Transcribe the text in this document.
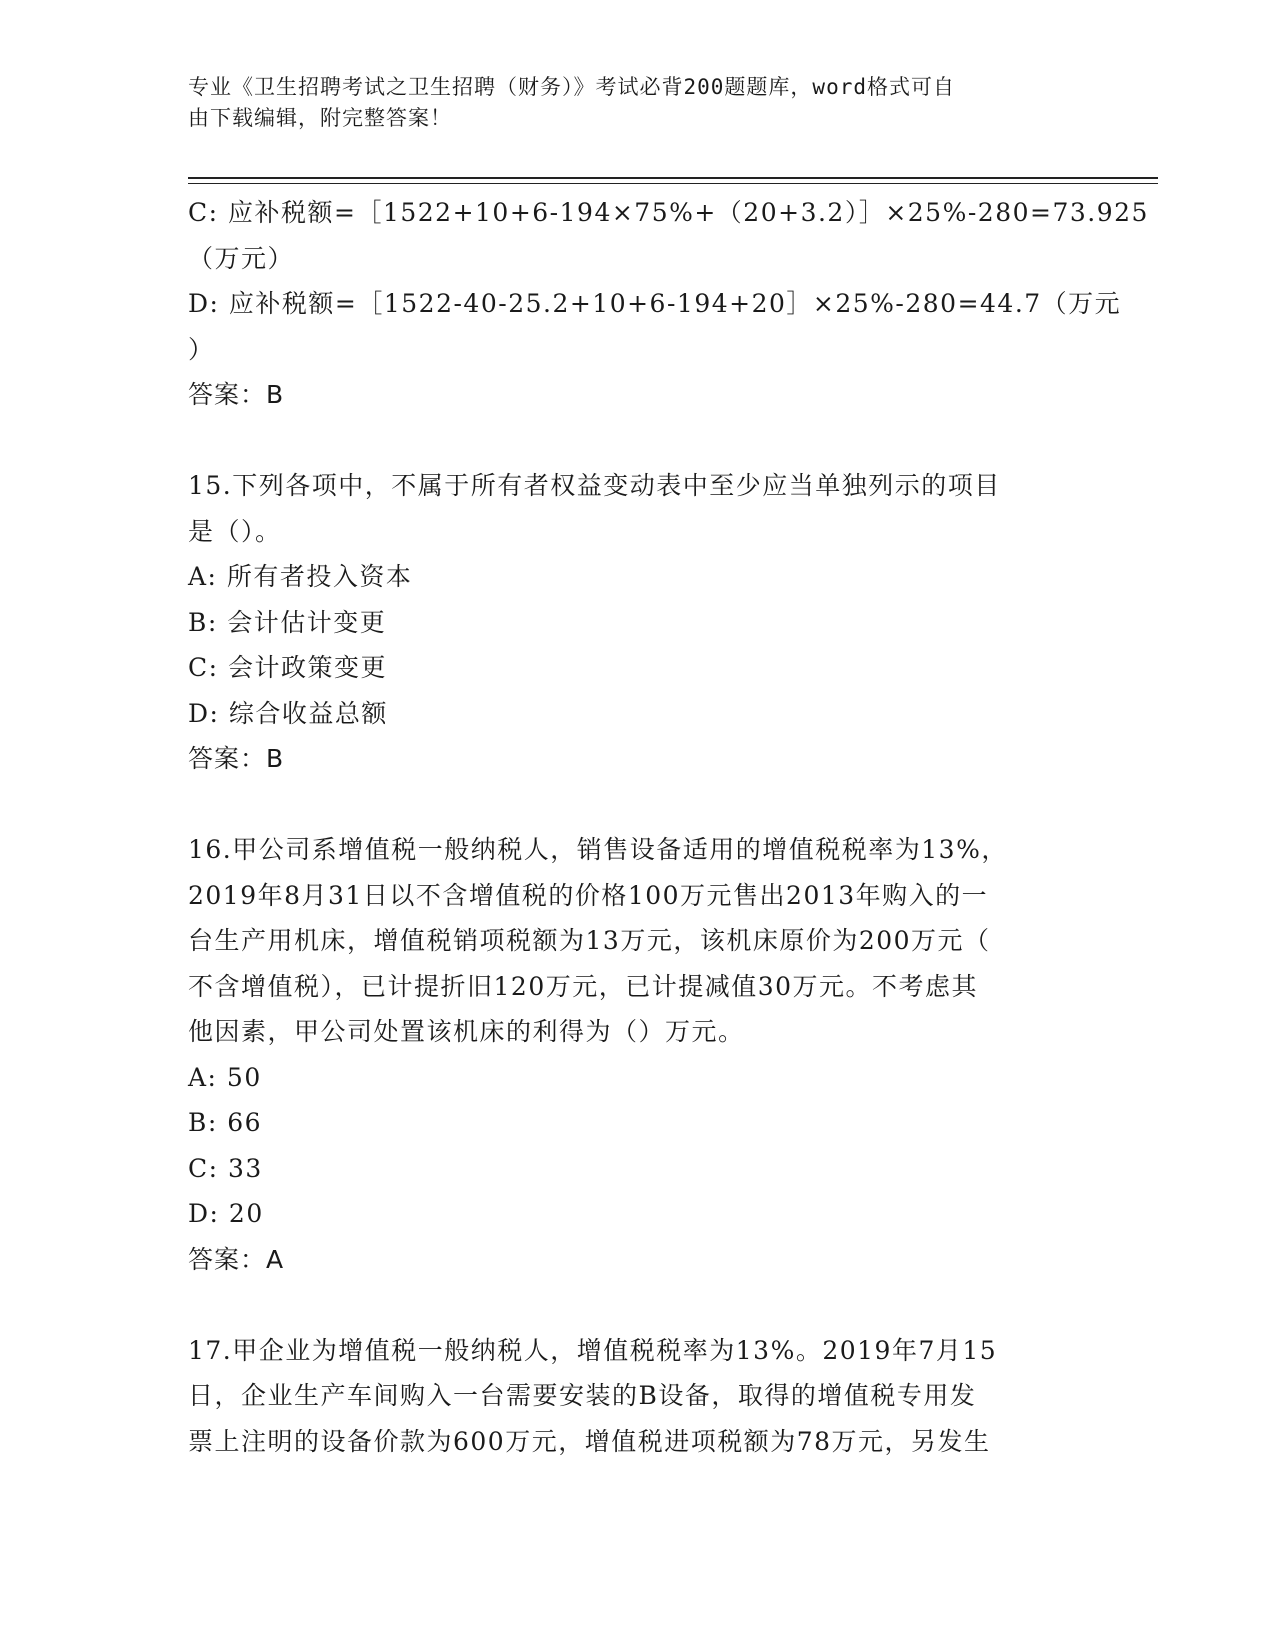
专业《卫生招聘考试之卫生招聘（财务）》考试必背200题题库，word格式可自
由下载编辑，附完整答案！
C: 应补税额=［1522+10+6-194×75%+（20+3.2）］×25%-280=73.925
（万元）
D: 应补税额=［1522-40-25.2+10+6-194+20］×25%-280=44.7（万元
）
答案：B
15.下列各项中，不属于所有者权益变动表中至少应当单独列示的项目
是（）。
A: 所有者投入资本
B: 会计估计变更
C: 会计政策变更
D: 综合收益总额
答案：B
16.甲公司系增值税一般纳税人，销售设备适用的增值税税率为13%，
2019年8月31日以不含增值税的价格100万元售出2013年购入的一
台生产用机床，增值税销项税额为13万元，该机床原价为200万元（
不含增值税），已计提折旧120万元，已计提减值30万元。不考虑其
他因素，甲公司处置该机床的利得为（）万元。
A: 50
B: 66
C: 33
D: 20
答案：A
17.甲企业为增值税一般纳税人，增值税税率为13%。2019年7月15
日，企业生产车间购入一台需要安装的B设备，取得的增值税专用发
票上注明的设备价款为600万元，增值税进项税额为78万元，另发生
